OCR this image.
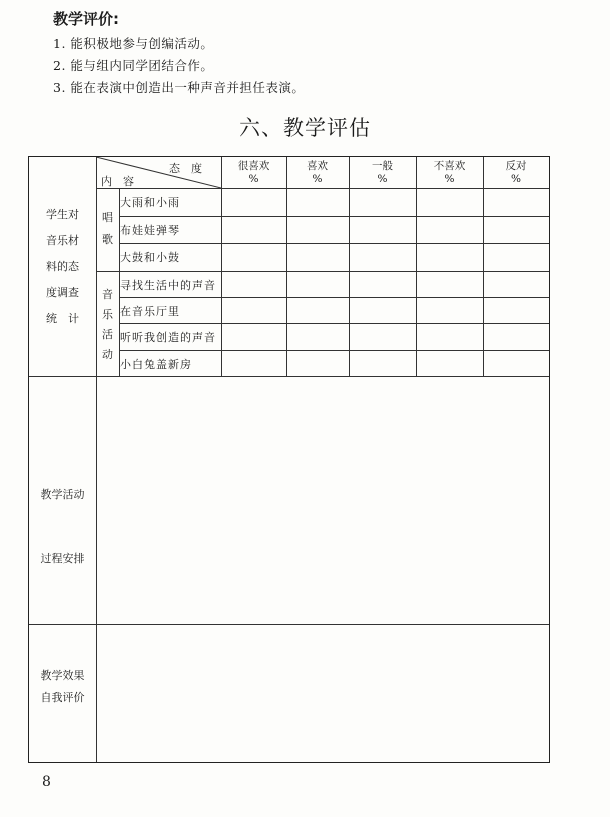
教学评价:
1. 能积极地参与创编活动。
2. 能与组内同学团结合作。
3. 能在表演中创造出一种声音并担任表演。
六、教学评估
态　度
内　容
很喜欢
%
喜欢
%
一般
%
不喜欢
%
反对
%
学生对
音乐材
料的态
度调查
统　计
唱
歌
大雨和小雨
布娃娃弹琴
大鼓和小鼓
音
乐
活
动
寻找生活中的声音
在音乐厅里
听听我创造的声音
小白兔盖新房
教学活动
过程安排
教学效果
自我评价
8
